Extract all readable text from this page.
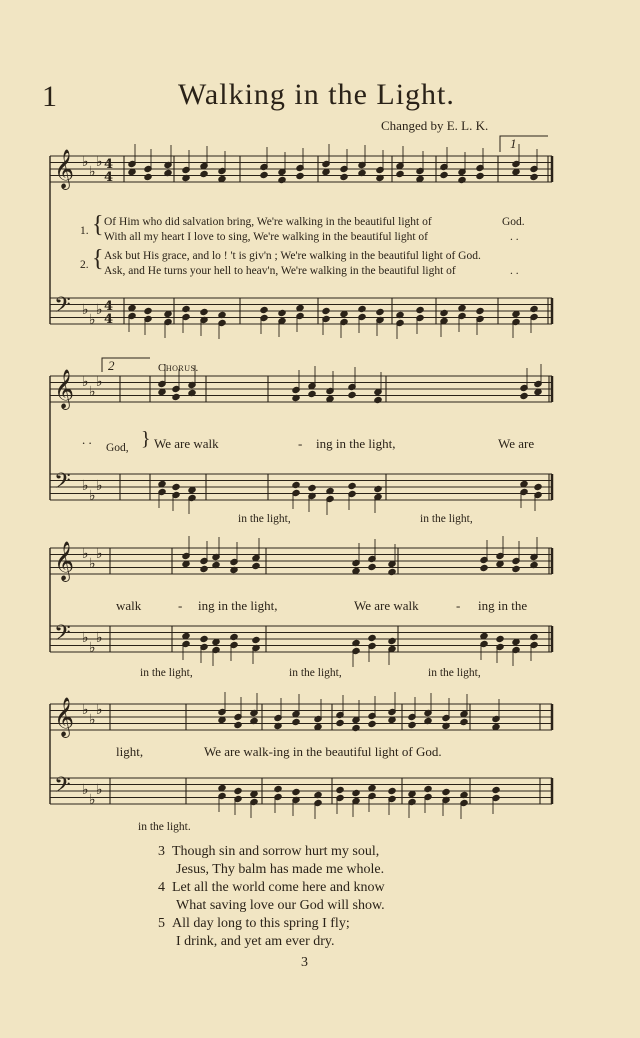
1	Walking in the Light.
Changed by E. L. K.
𝄞
𝄢
♭
♭
♭
♭
♭
♭
4
4
4
4
𝄞
𝄢
♭
♭
♭
♭
♭
♭
𝄞
𝄢
♭
♭
♭
♭
♭
♭
𝄞
𝄢
♭
♭
♭
♭
♭
♭
1
1. { Of Him who did salvation bring, We're walking in the beautiful light of	God.
With all my heart I love to sing, We're walking in the beautiful light of	. .
2. { Ask but His grace, and lo ! 't is giv'n ; We're walking in the beautiful light of God.
Ask, and He turns your hell to heav'n, We're walking in the beautiful light of	. .
2	Chorus.
. .
God, } We are walk	- ing in the light,	We are
in the light,	in the light,
walk	- ing in the light,	We are walk	- ing in the
in the light,	in the light,	in the light,
light,	We are walk-ing in the beautiful light of God.
in the light.
3 Though sin and sorrow hurt my soul,
Jesus, Thy balm has made me whole.
4 Let all the world come here and know
What saving love our God will show.
5 All day long to this spring I fly;
I drink, and yet am ever dry.
3
